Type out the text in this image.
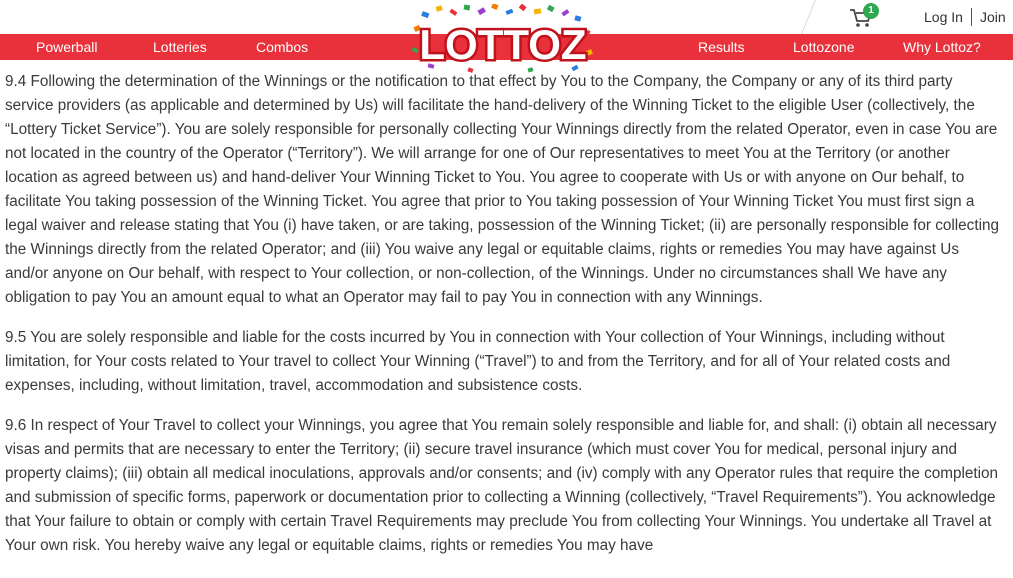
1	Log In Join
Powerball	Lotteries	Combos	Results	Lottozone	Why Lottoz?
LOTTOZ

9.4 Following the determination of the Winnings or the notification to that effect by You to the Company, the Company or any of its third party service providers (as applicable and determined by Us) will facilitate the hand-delivery of the Winning Ticket to the eligible User (collectively, the “Lottery Ticket Service”). You are solely responsible for personally collecting Your Winnings directly from the related Operator, even in case You are not located in the country of the Operator (“Territory”). We will arrange for one of Our representatives to meet You at the Territory (or another location as agreed between us) and hand-deliver Your Winning Ticket to You. You agree to cooperate with Us or with anyone on Our behalf, to facilitate You taking possession of the Winning Ticket. You agree that prior to You taking possession of Your Winning Ticket You must first sign a legal waiver and release stating that You (i) have taken, or are taking, possession of the Winning Ticket; (ii) are personally responsible for collecting the Winnings directly from the related Operator; and (iii) You waive any legal or equitable claims, rights or remedies You may have against Us and/or anyone on Our behalf, with respect to Your collection, or non-collection, of the Winnings. Under no circumstances shall We have any obligation to pay You an amount equal to what an Operator may fail to pay You in connection with any Winnings.

9.5 You are solely responsible and liable for the costs incurred by You in connection with Your collection of Your Winnings, including without limitation, for Your costs related to Your travel to collect Your Winning (“Travel”) to and from the Territory, and for all of Your related costs and expenses, including, without limitation, travel, accommodation and subsistence costs.

9.6 In respect of Your Travel to collect your Winnings, you agree that You remain solely responsible and liable for, and shall: (i) obtain all necessary visas and permits that are necessary to enter the Territory; (ii) secure travel insurance (which must cover You for medical, personal injury and property claims); (iii) obtain all medical inoculations, approvals and/or consents; and (iv) comply with any Operator rules that require the completion and submission of specific forms, paperwork or documentation prior to collecting a Winning (collectively, “Travel Requirements”). You acknowledge that Your failure to obtain or comply with certain Travel Requirements may preclude You from collecting Your Winnings. You undertake all Travel at Your own risk. You hereby waive any legal or equitable claims, rights or remedies You may have
